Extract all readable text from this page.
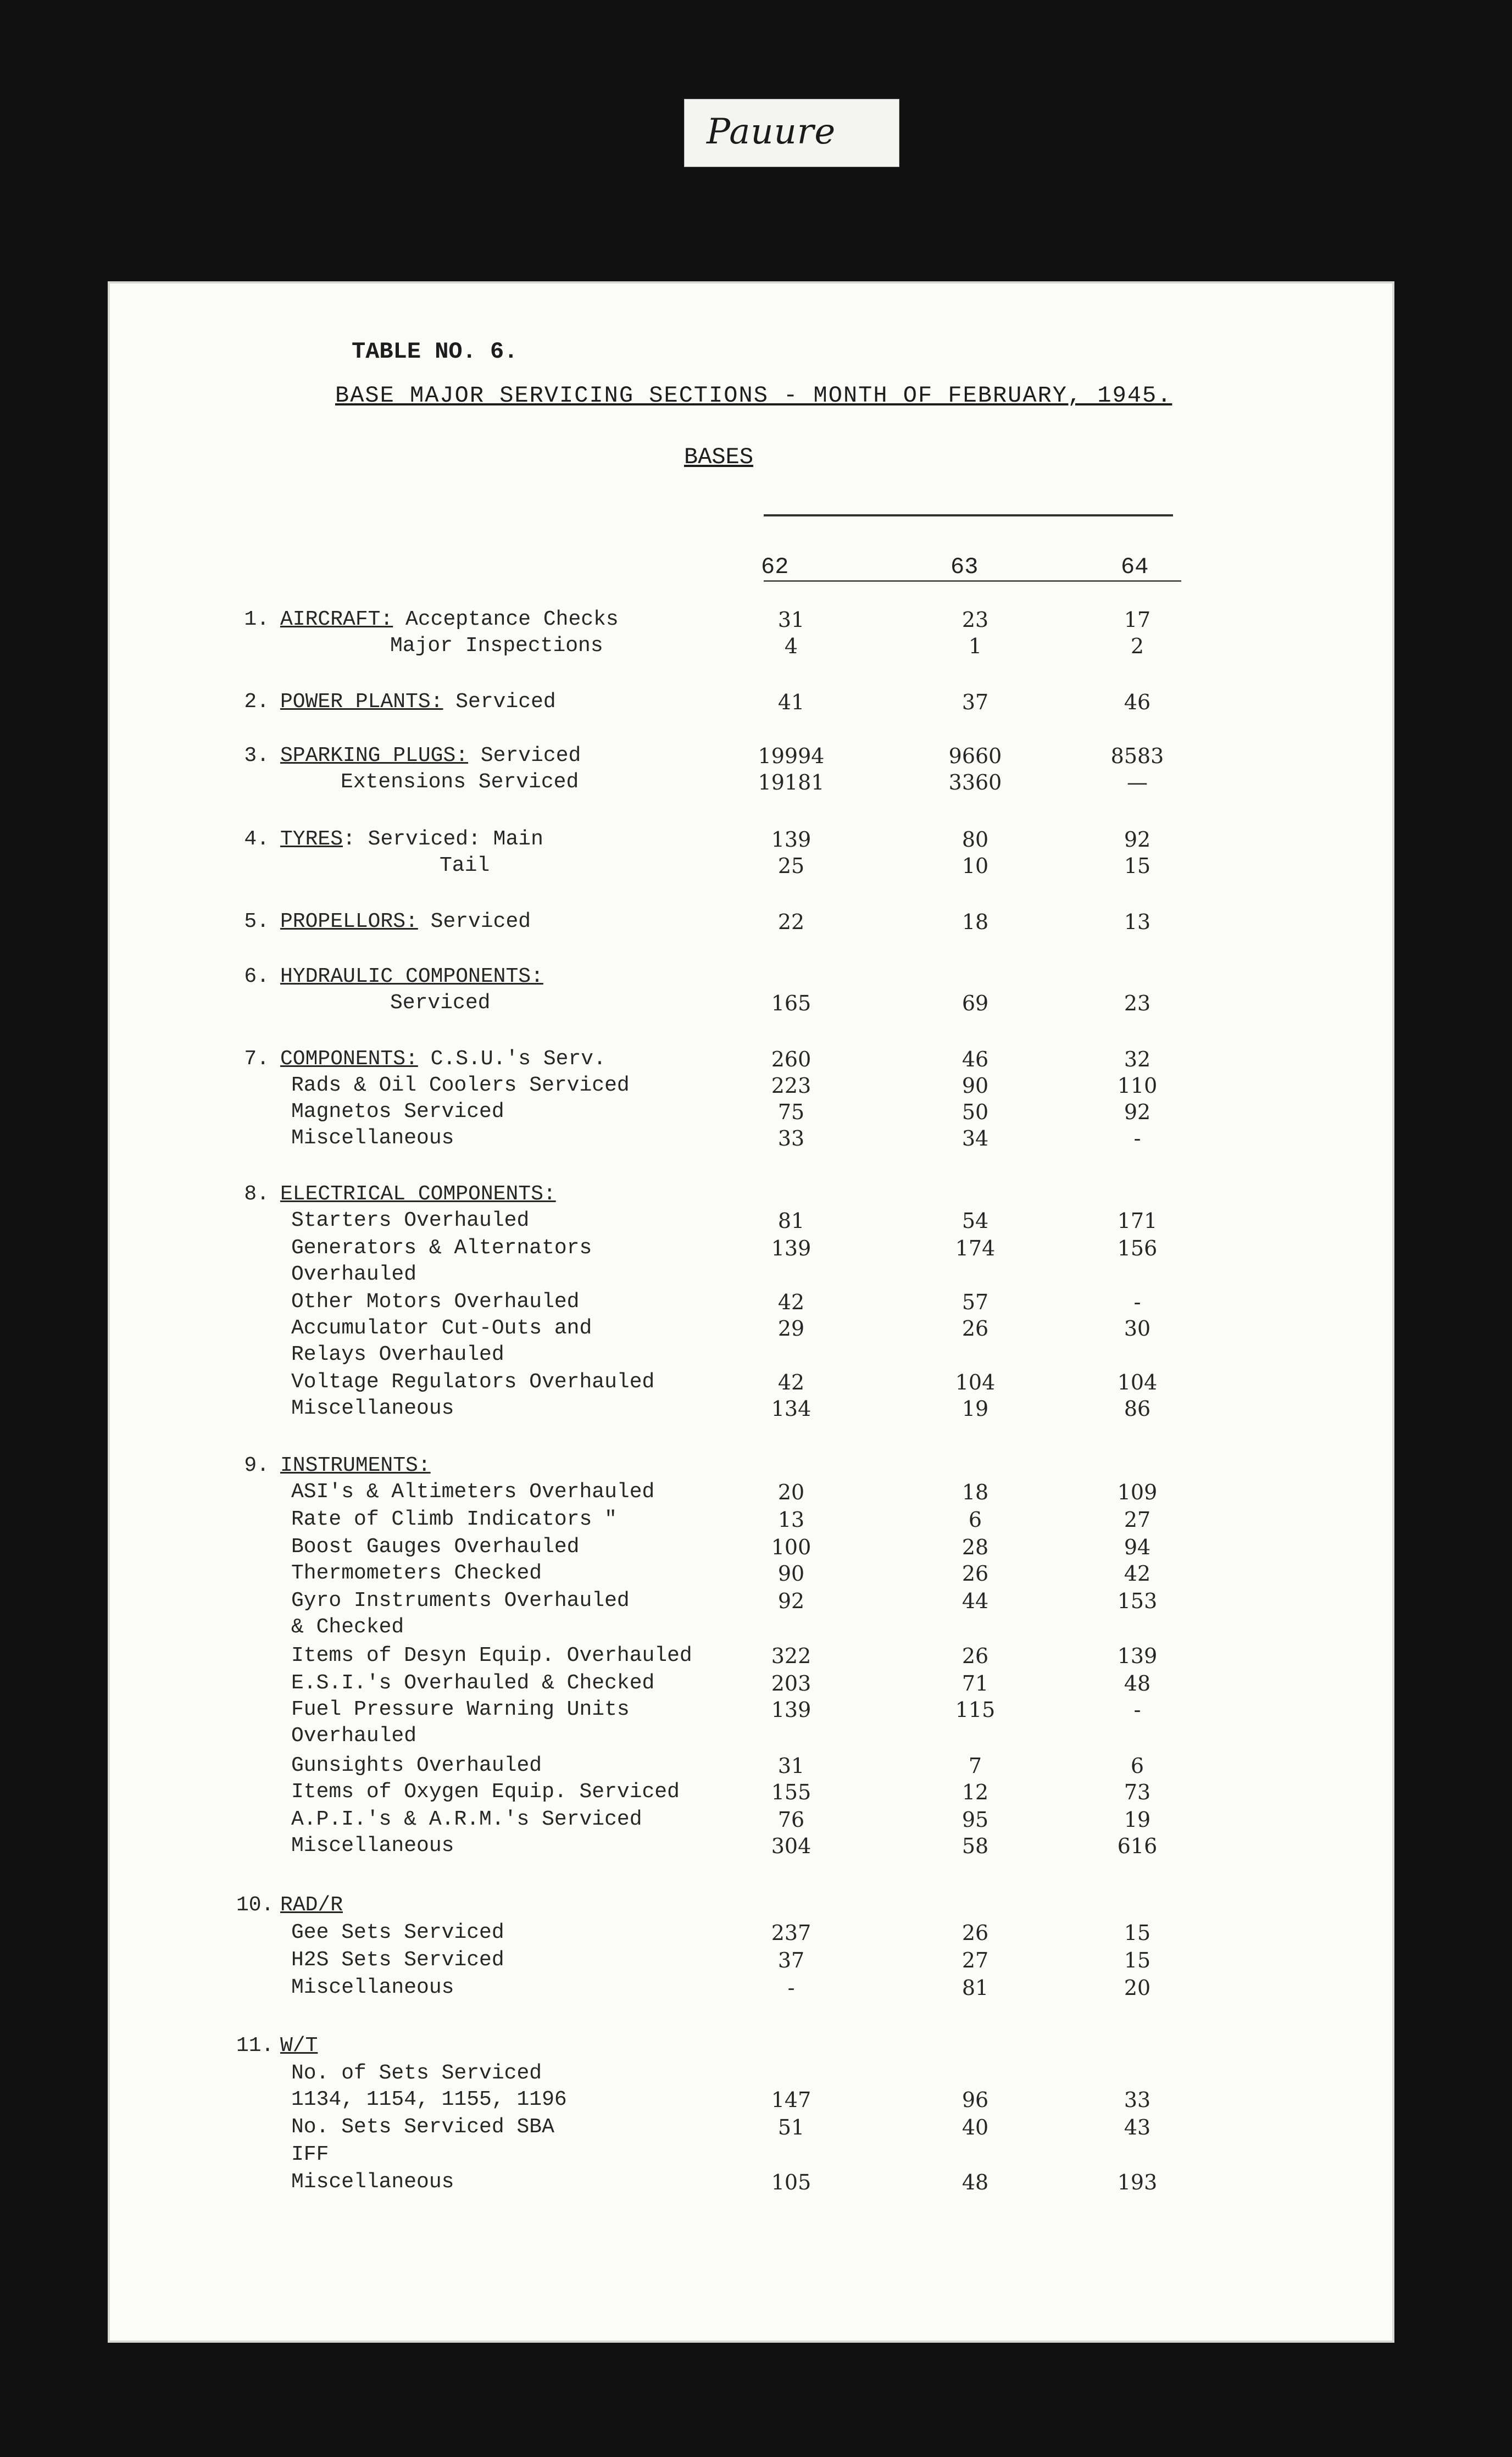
Pauure
TABLE NO. 6.
BASE MAJOR SERVICING SECTIONS - MONTH OF FEBRUARY, 1945.
BASES
62	63	64
1. AIRCRAFT: Acceptance Checks	31	23	17
Major Inspections	4	1	2
2. POWER PLANTS: Serviced	41	37	46
3. SPARKING PLUGS: Serviced	19994	9660	8583
Extensions Serviced	19181	3360	—
4. TYRES: Serviced: Main	139	80	92
Tail	25	10	15
5. PROPELLORS: Serviced	22	18	13
6. HYDRAULIC COMPONENTS:
Serviced	165	69	23
7. COMPONENTS: C.S.U.'s Serv.	260	46	32
Rads & Oil Coolers Serviced	223	90	110
Magnetos Serviced	75	50	92
Miscellaneous	33	34	-
8. ELECTRICAL COMPONENTS:
Starters Overhauled	81	54	171
Generators & Alternators	139	174	156
Overhauled
Other Motors Overhauled	42	57	-
Accumulator Cut-Outs and	29	26	30
Relays Overhauled
Voltage Regulators Overhauled	42	104	104
Miscellaneous	134	19	86
9. INSTRUMENTS:
ASI's & Altimeters Overhauled	20	18	109
Rate of Climb Indicators "	13	6	27
Boost Gauges Overhauled	100	28	94
Thermometers Checked	90	26	42
Gyro Instruments Overhauled	92	44	153
& Checked
Items of Desyn Equip. Overhauled	322	26	139
E.S.I.'s Overhauled & Checked	203	71	48
Fuel Pressure Warning Units	139	115	-
Overhauled
Gunsights Overhauled	31	7	6
Items of Oxygen Equip. Serviced	155	12	73
A.P.I.'s & A.R.M.'s Serviced	76	95	19
Miscellaneous	304	58	616
10. RAD/R
Gee Sets Serviced	237	26	15
H2S Sets Serviced	37	27	15
Miscellaneous	-	81	20
11. W/T
No. of Sets Serviced
1134, 1154, 1155, 1196	147	96	33
No. Sets Serviced SBA	51	40	43
IFF
Miscellaneous	105	48	193
